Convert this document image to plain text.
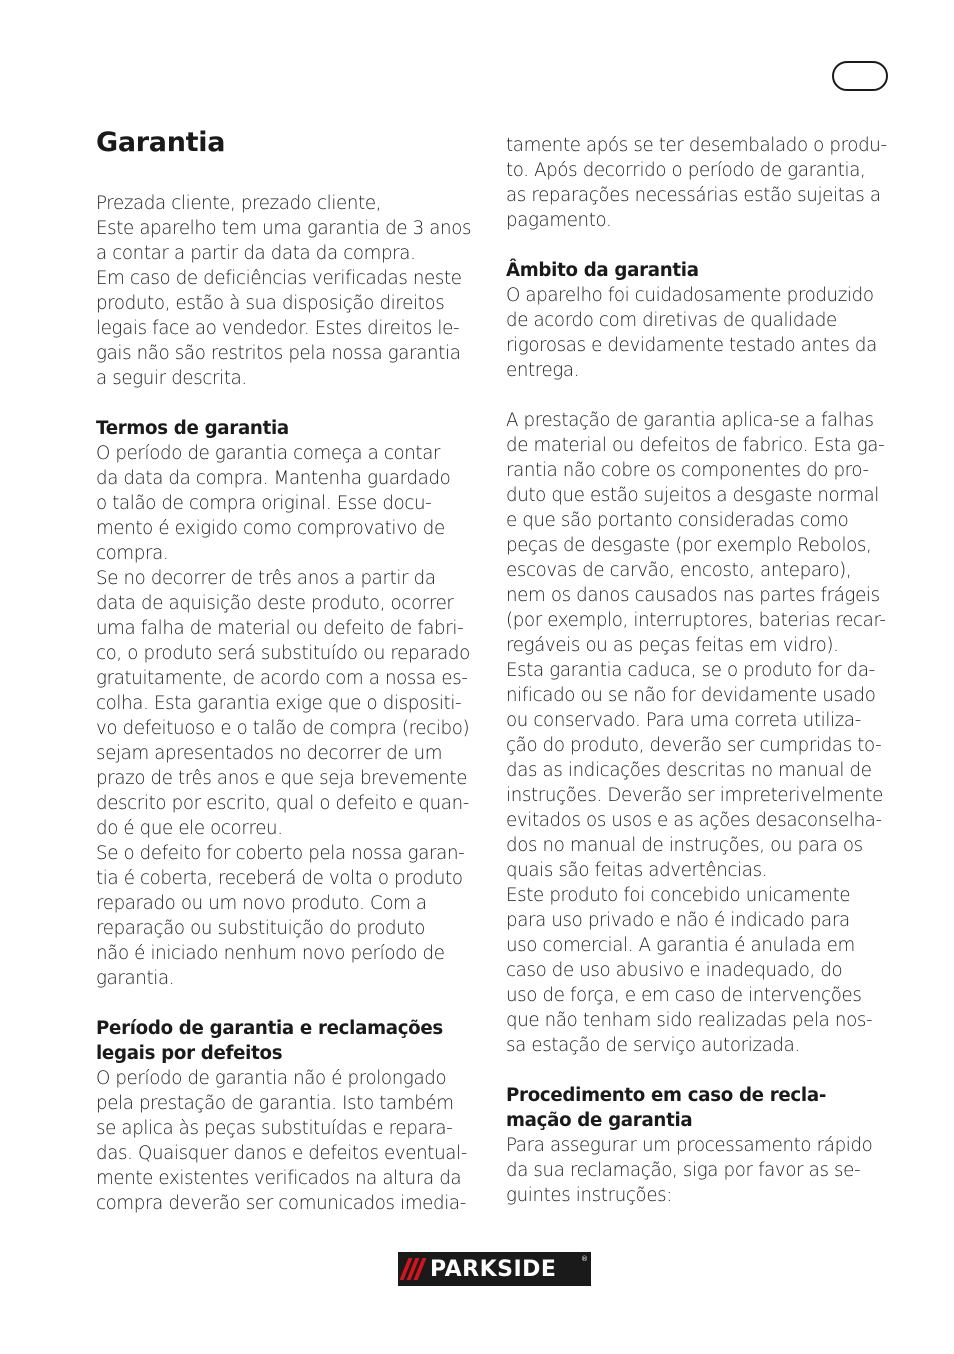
Garantia
Prezada cliente, prezado cliente,
Este aparelho tem uma garantia de 3 anos
a contar a partir da data da compra.
Em caso de deficiências verificadas neste
produto, estão à sua disposição direitos
legais face ao vendedor. Estes direitos le-
gais não são restritos pela nossa garantia
a seguir descrita.
Termos de garantia
O período de garantia começa a contar
da data da compra. Mantenha guardado
o talão de compra original. Esse docu-
mento é exigido como comprovativo de
compra.
Se no decorrer de três anos a partir da
data de aquisição deste produto, ocorrer
uma falha de material ou defeito de fabri-
co, o produto será substituído ou reparado
gratuitamente, de acordo com a nossa es-
colha. Esta garantia exige que o dispositi-
vo defeituoso e o talão de compra (recibo)
sejam apresentados no decorrer de um
prazo de três anos e que seja brevemente
descrito por escrito, qual o defeito e quan-
do é que ele ocorreu.
Se o defeito for coberto pela nossa garan-
tia é coberta, receberá de volta o produto
reparado ou um novo produto. Com a
reparação ou substituição do produto
não é iniciado nenhum novo período de
garantia.
Período de garantia e reclamações
legais por defeitos
O período de garantia não é prolongado
pela prestação de garantia. Isto também
se aplica às peças substituídas e repara-
das. Quaisquer danos e defeitos eventual-
mente existentes verificados na altura da
compra deverão ser comunicados imedia-
tamente após se ter desembalado o produ-
to. Após decorrido o período de garantia,
as reparações necessárias estão sujeitas a
pagamento.
Âmbito da garantia
O aparelho foi cuidadosamente produzido
de acordo com diretivas de qualidade
rigorosas e devidamente testado antes da
entrega.
A prestação de garantia aplica-se a falhas
de material ou defeitos de fabrico. Esta ga-
rantia não cobre os componentes do pro-
duto que estão sujeitos a desgaste normal
e que são portanto consideradas como
peças de desgaste (por exemplo Rebolos,
escovas de carvão, encosto, anteparo),
nem os danos causados nas partes frágeis
(por exemplo, interruptores, baterias recar-
regáveis ou as peças feitas em vidro).
Esta garantia caduca, se o produto for da-
nificado ou se não for devidamente usado
ou conservado. Para uma correta utiliza-
ção do produto, deverão ser cumpridas to-
das as indicações descritas no manual de
instruções. Deverão ser impreterivelmente
evitados os usos e as ações desaconselha-
dos no manual de instruções, ou para os
quais são feitas advertências.
Este produto foi concebido unicamente
para uso privado e não é indicado para
uso comercial. A garantia é anulada em
caso de uso abusivo e inadequado, do
uso de força, e em caso de intervenções
que não tenham sido realizadas pela nos-
sa estação de serviço autorizada.
Procedimento em caso de recla-
mação de garantia
Para assegurar um processamento rápido
da sua reclamação, siga por favor as se-
guintes instruções:
PARKSIDE	®
